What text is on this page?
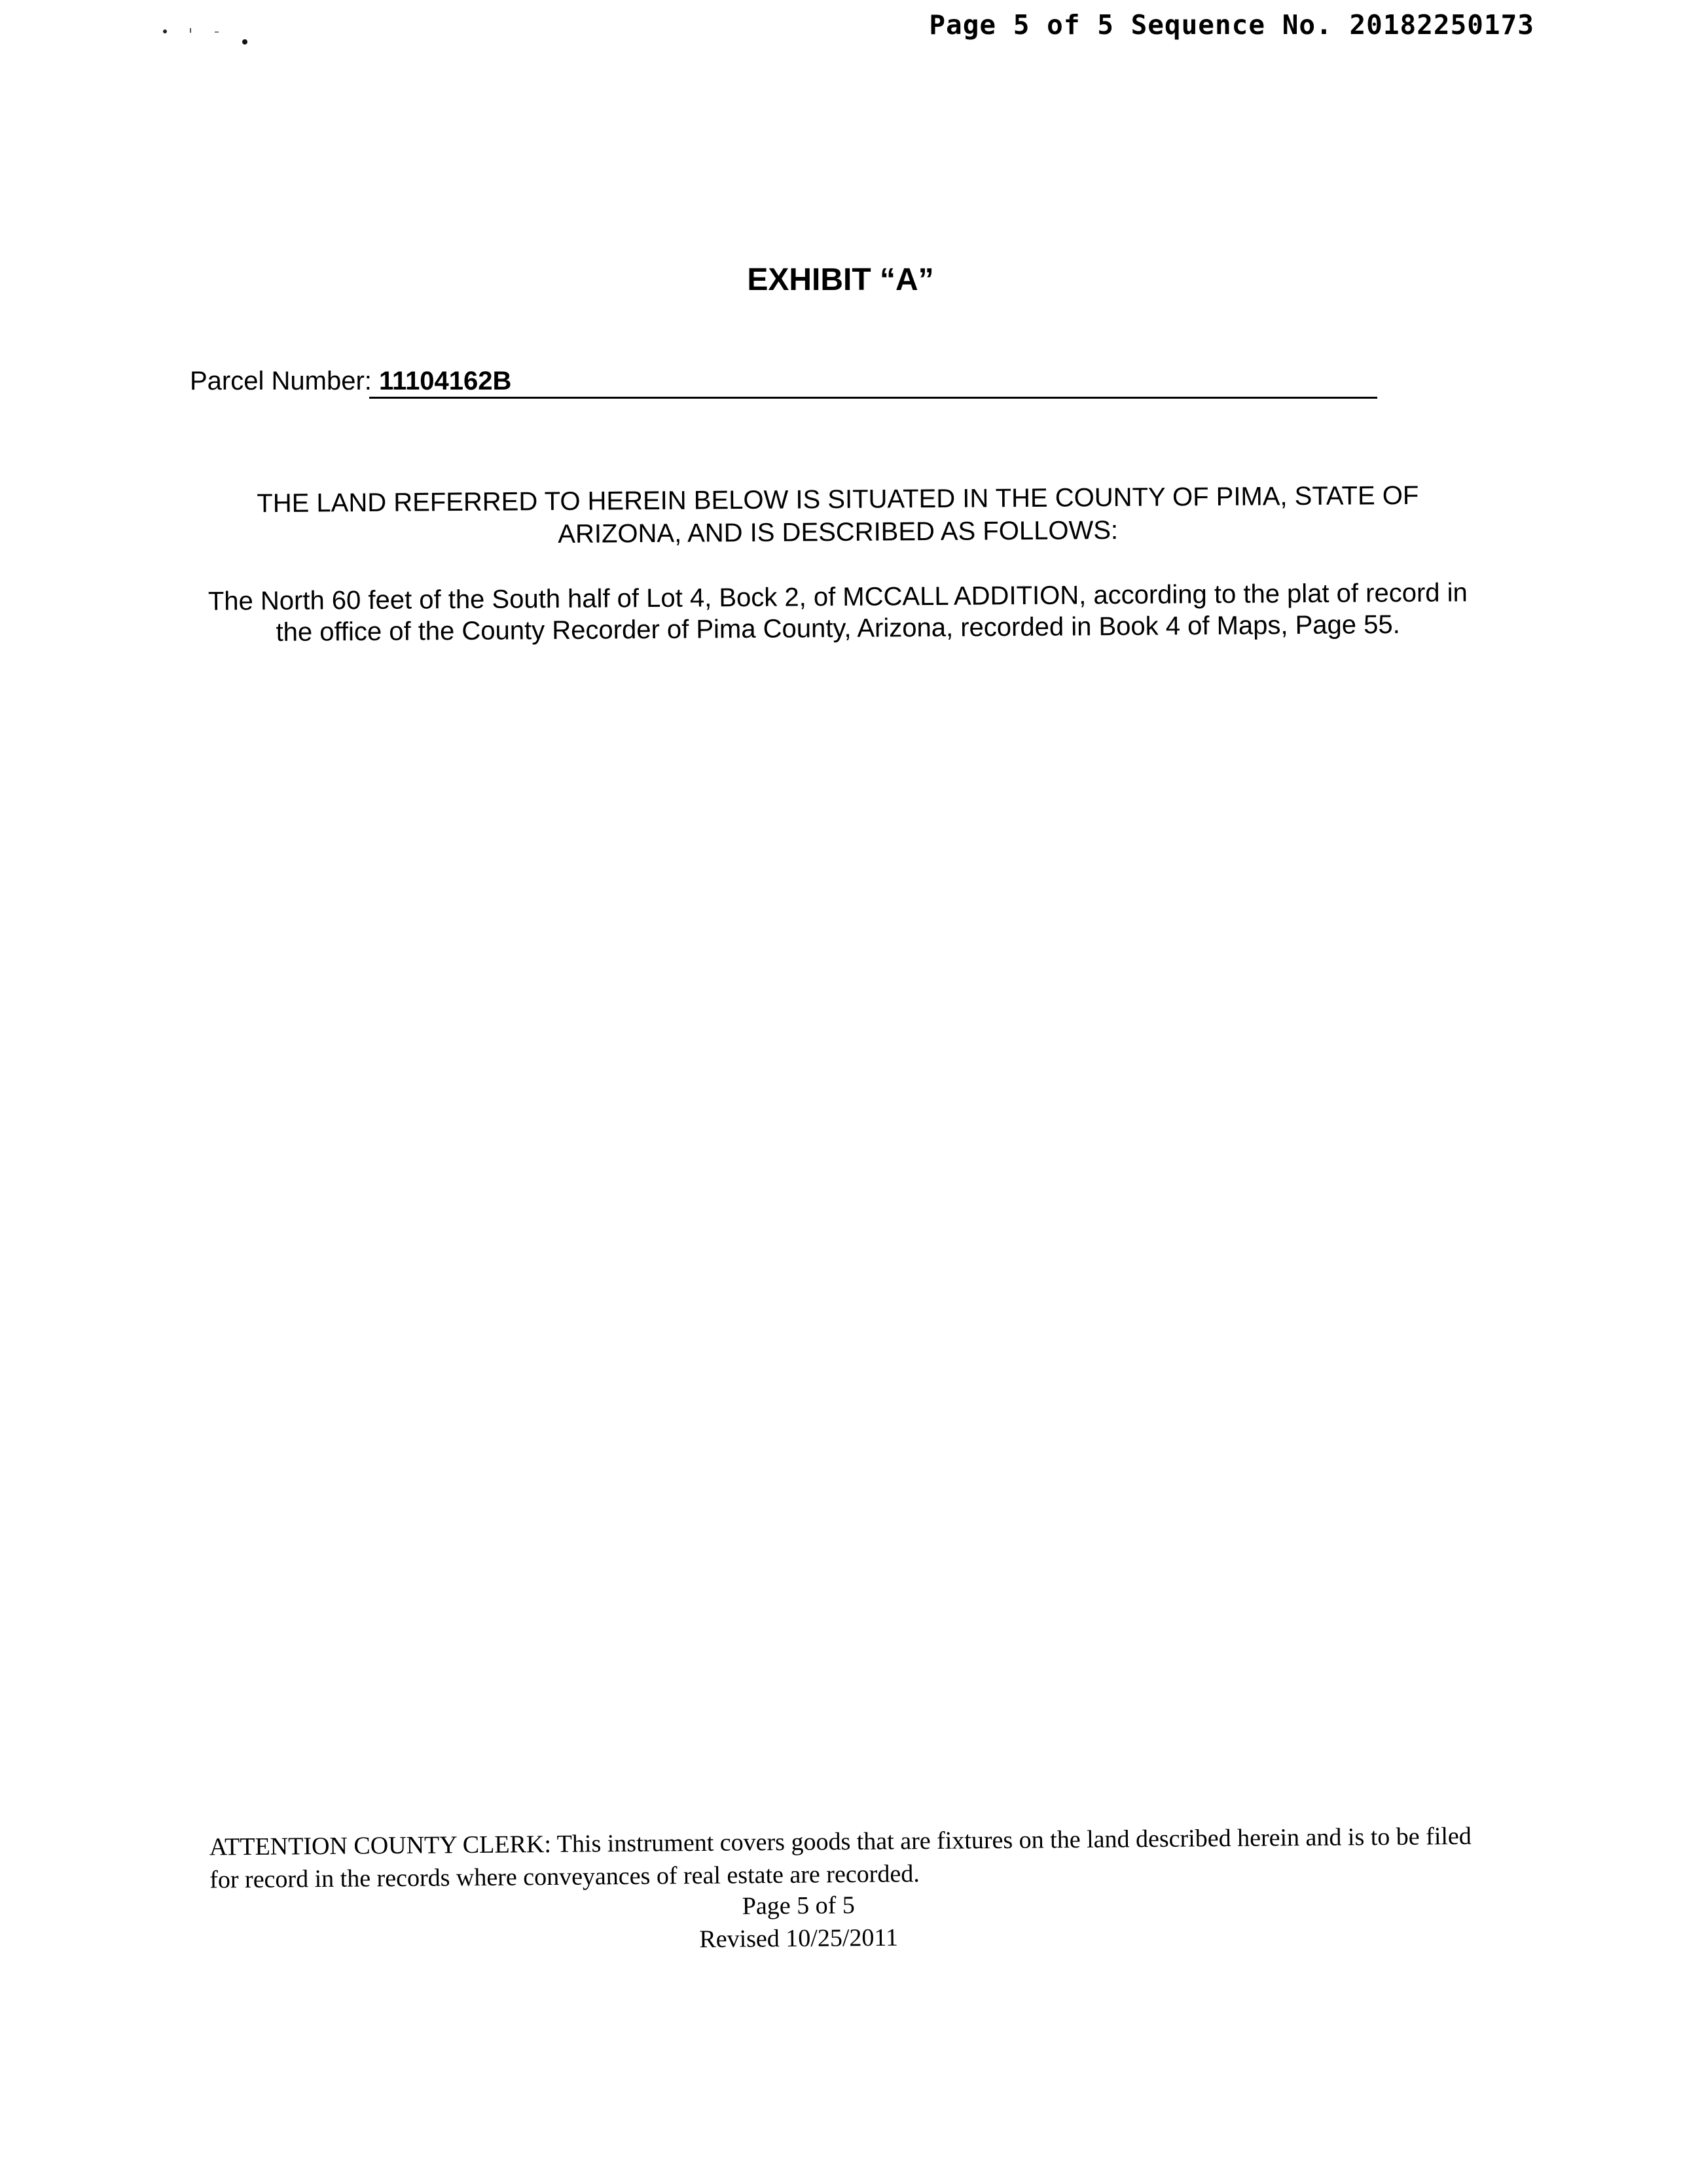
Page 5 of 5 Sequence No. 20182250173
EXHIBIT “A”
Parcel Number: 11104162B
THE LAND REFERRED TO HEREIN BELOW IS SITUATED IN THE COUNTY OF PIMA, STATE OF ARIZONA, AND IS DESCRIBED AS FOLLOWS:
The North 60 feet of the South half of Lot 4, Bock 2, of MCCALL ADDITION, according to the plat of record in the office of the County Recorder of Pima County, Arizona, recorded in Book 4 of Maps, Page 55.
ATTENTION COUNTY CLERK: This instrument covers goods that are fixtures on the land described herein and is to be filed for record in the records where conveyances of real estate are recorded.
Page 5 of 5
Revised 10/25/2011
